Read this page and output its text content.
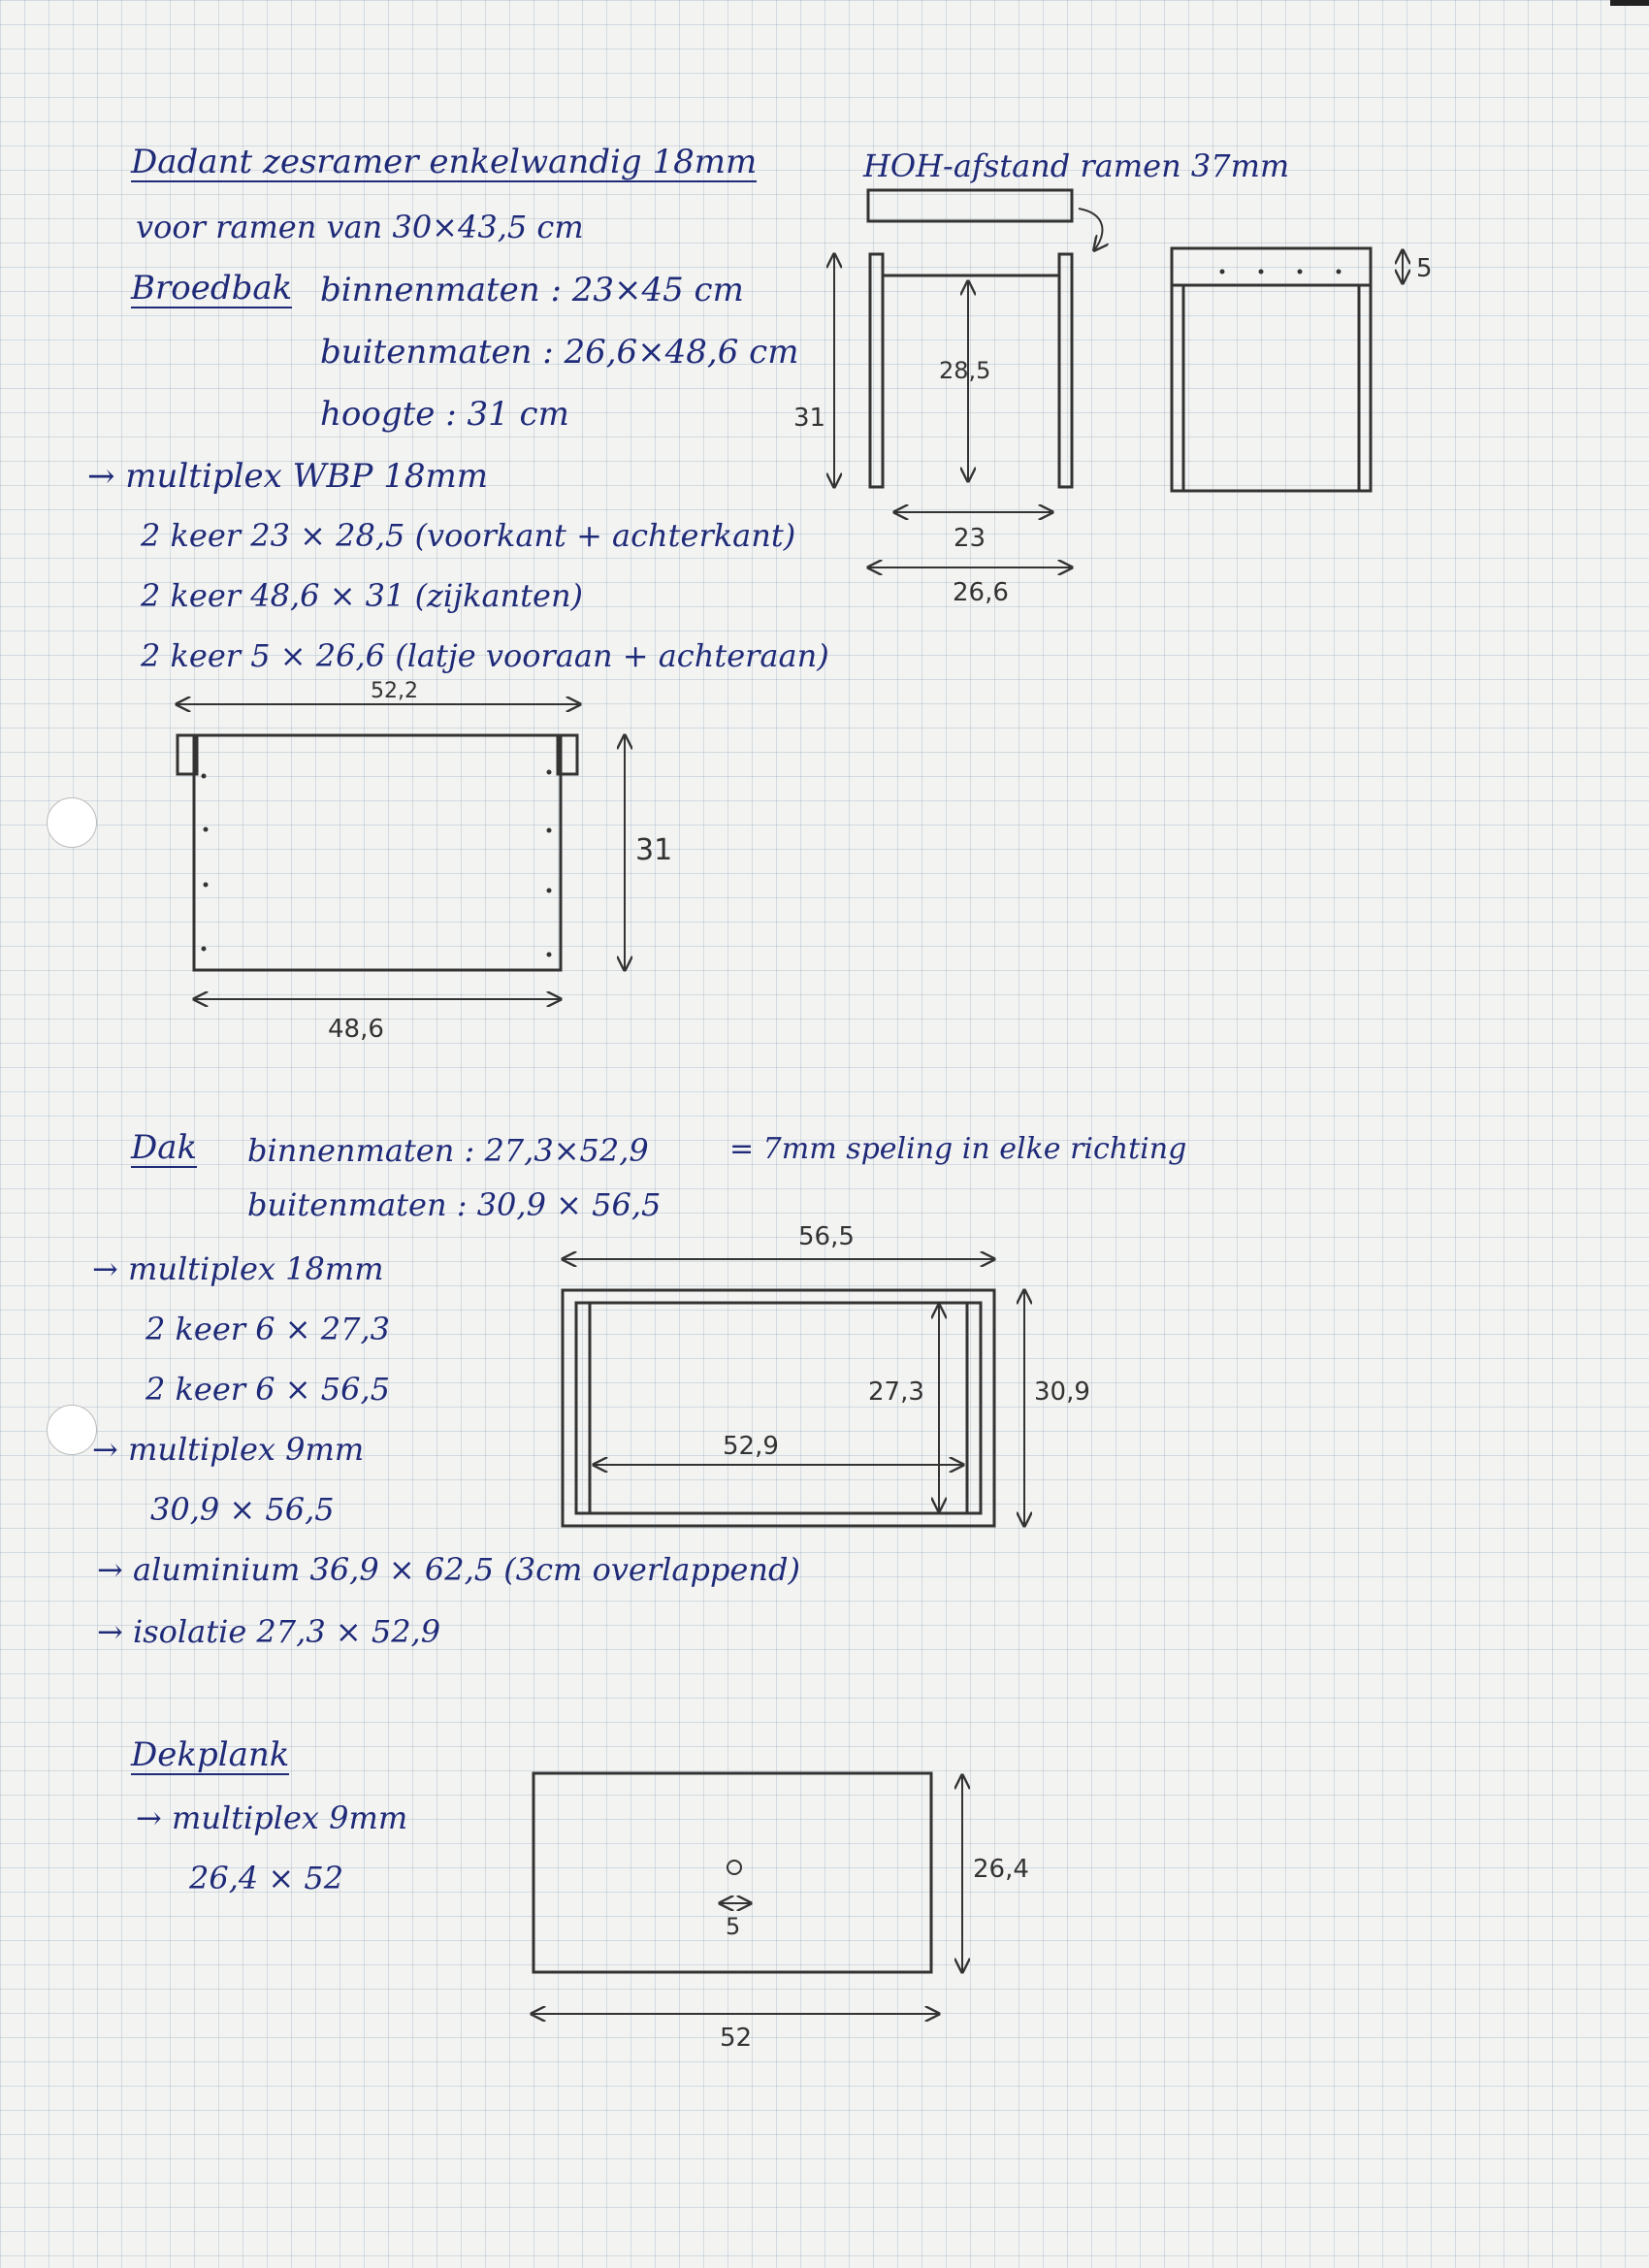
Dadant zesramer enkelwandig 18mm
voor ramen van 30×43,5 cm
HOH-afstand ramen 37mm
Broedbak binnenmaten : 23×45 cm
buitenmaten : 26,6×48,6 cm
hoogte : 31 cm
→ multiplex WBP 18mm
2 keer 23 × 28,5 (voorkant + achterkant)
2 keer 48,6 × 31 (zijkanten)
2 keer 5 × 26,6 (latje vooraan + achteraan)
Dak binnenmaten : 27,3×52,9	= 7mm speling in elke richting
buitenmaten : 30,9 × 56,5
→ multiplex 18mm
2 keer 6 × 27,3
2 keer 6 × 56,5
→ multiplex 9mm
30,9 × 56,5
→ aluminium 36,9 × 62,5 (3cm overlappend)
→ isolatie 27,3 × 52,9
Dekplank
→ multiplex 9mm
26,4 × 52
31
28,5
23
26,6
5
52,2
31
48,6
56,5
27,3	30,9
52,9
26,4
52
5
